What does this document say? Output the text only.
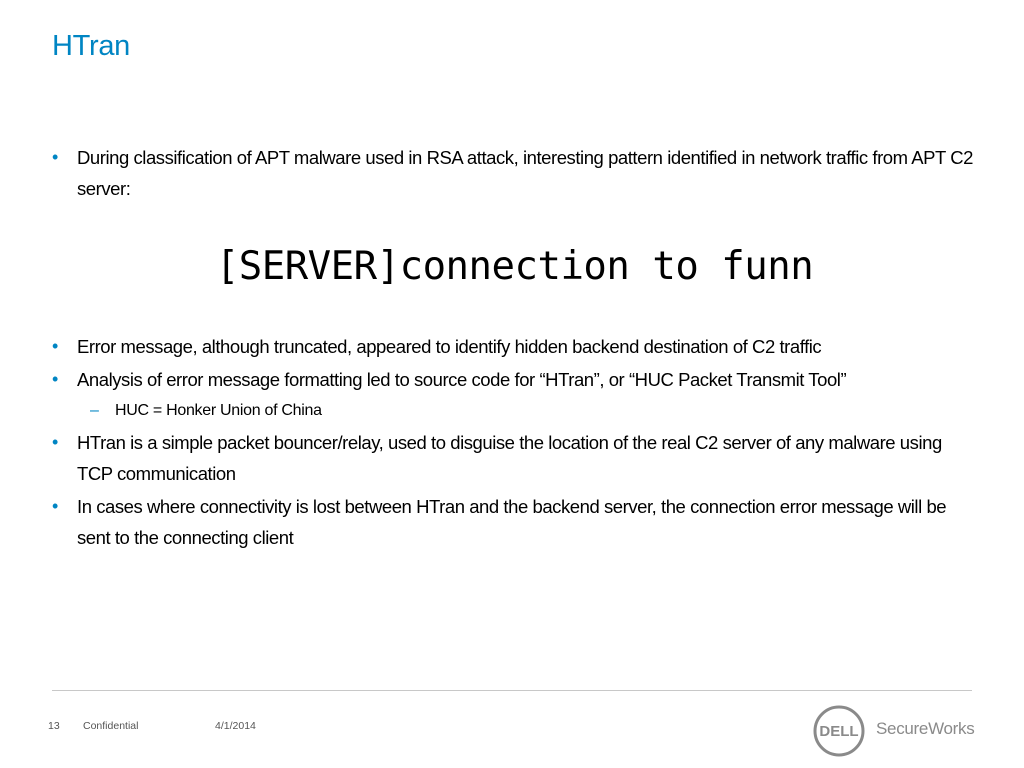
HTran
• During classification of APT malware used in RSA attack, interesting pattern identified in network traffic from APT C2 server:
[SERVER]connection to funn
• Error message, although truncated, appeared to identify hidden backend destination of C2 traffic
• Analysis of error message formatting led to source code for “HTran”, or “HUC Packet Transmit Tool”
– HUC = Honker Union of China
• HTran is a simple packet bouncer/relay, used to disguise the location of the real C2 server of any malware using TCP communication
• In cases where connectivity is lost between HTran and the backend server, the connection error message will be sent to the connecting client
13 Confidential	4/1/2014	DELL SecureWorks
